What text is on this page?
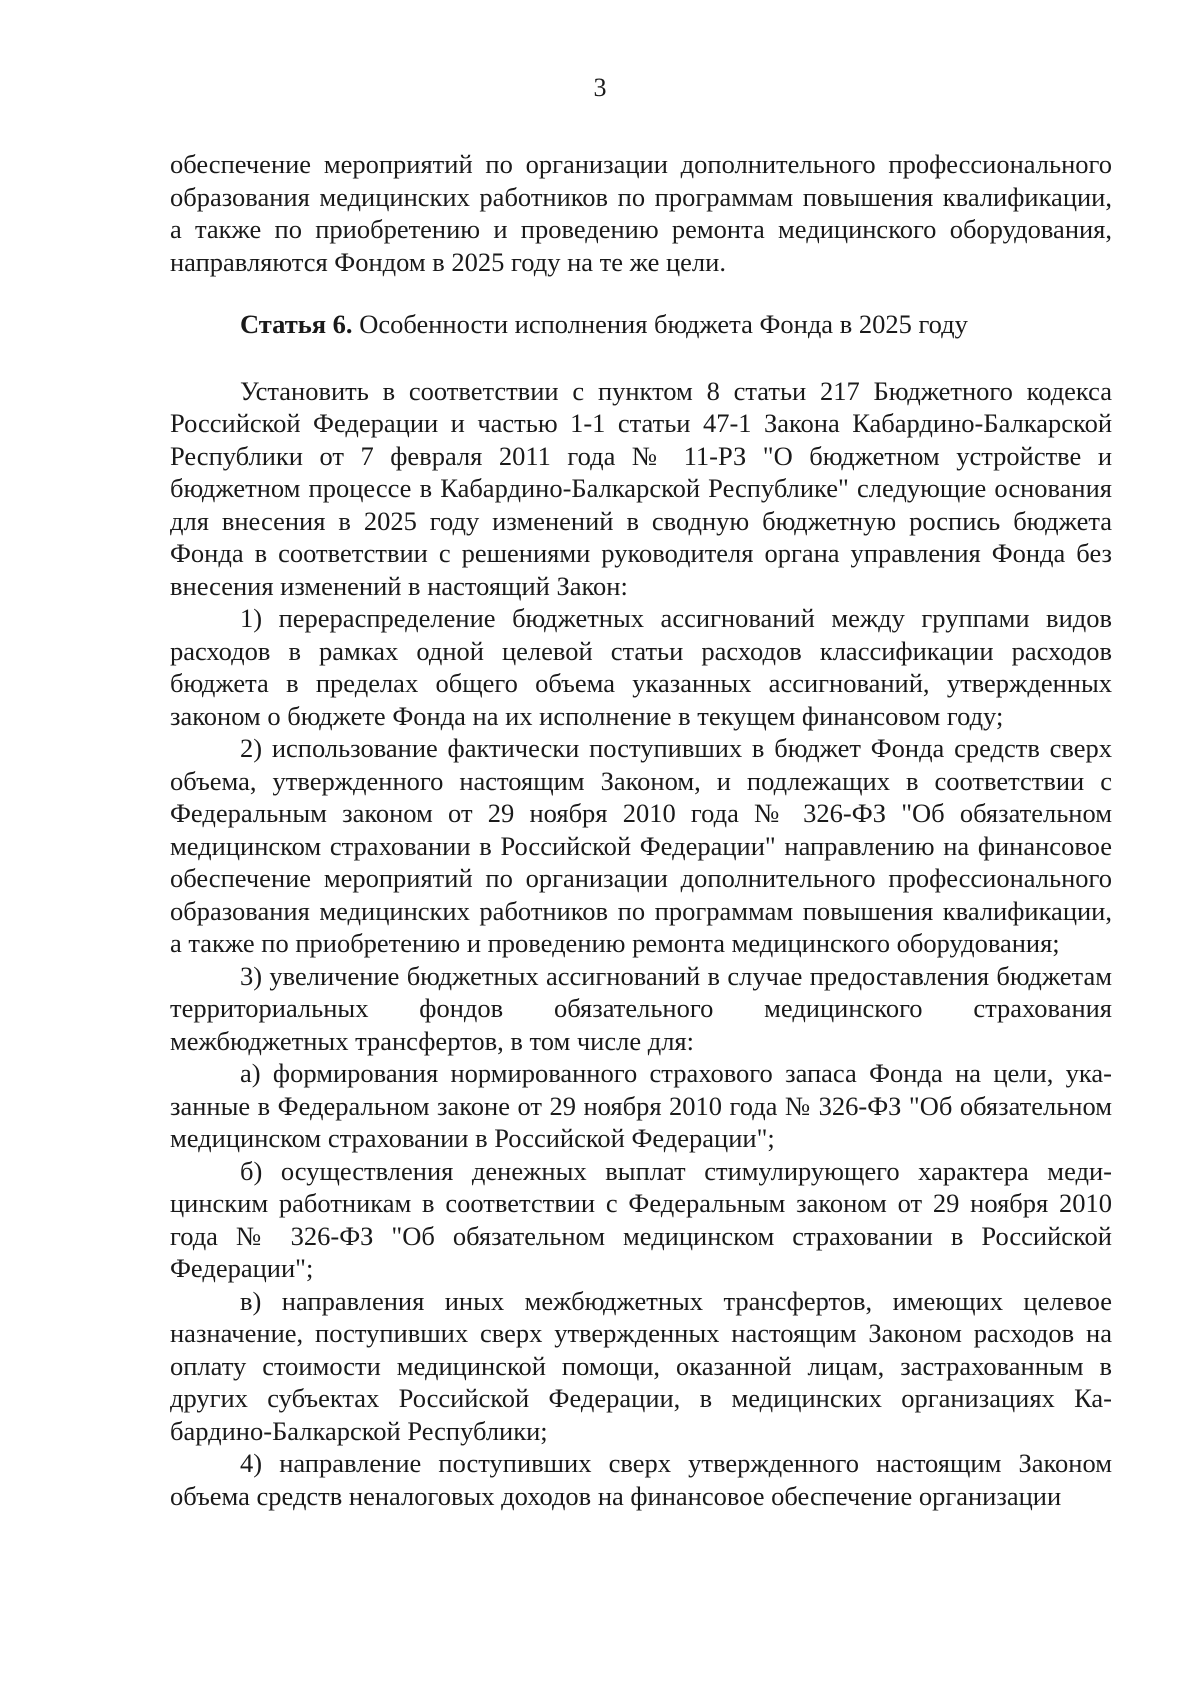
3

обеспечение мероприятий по организации дополнительного профессионального образования медицинских работников по программам повышения квалификации, а также по приобретению и проведению ремонта медицинского оборудования, направляются Фондом в 2025 году на те же цели.

Статья 6. Особенности исполнения бюджета Фонда в 2025 году

Установить в соответствии с пунктом 8 статьи 217 Бюджетного кодекса Российской Федерации и частью 1-1 статьи 47-1 Закона Кабардино-Балкарской Республики от 7 февраля 2011 года № 11-РЗ "О бюджетном устройстве и бюджетном процессе в Кабардино-Балкарской Республике" следующие основания для внесения в 2025 году изменений в сводную бюджетную роспись бюджета Фонда в соответствии с решениями руководителя органа управления Фонда без внесения изменений в настоящий Закон:

1) перераспределение бюджетных ассигнований между группами видов расходов в рамках одной целевой статьи расходов классификации расходов бюджета в пределах общего объема указанных ассигнований, утвержденных законом о бюджете Фонда на их исполнение в текущем финансовом году;

2) использование фактически поступивших в бюджет Фонда средств сверх объема, утвержденного настоящим Законом, и подлежащих в соответствии с Федеральным законом от 29 ноября 2010 года № 326-ФЗ "Об обязательном медицинском страховании в Российской Федерации" направлению на финансовое обеспечение мероприятий по организации дополнительного профессионального образования медицинских работников по программам повышения квалификации, а также по приобретению и проведению ремонта медицинского оборудования;

3) увеличение бюджетных ассигнований в случае предоставления бюджетам территориальных фондов обязательного медицинского страхования межбюджетных трансфертов, в том числе для:

а) формирования нормированного страхового запаса Фонда на цели, указанные в Федеральном законе от 29 ноября 2010 года № 326-ФЗ "Об обязательном медицинском страховании в Российской Федерации";

б) осуществления денежных выплат стимулирующего характера медицинским работникам в соответствии с Федеральным законом от 29 ноября 2010 года № 326-ФЗ "Об обязательном медицинском страховании в Российской Федерации";

в) направления иных межбюджетных трансфертов, имеющих целевое назначение, поступивших сверх утвержденных настоящим Законом расходов на оплату стоимости медицинской помощи, оказанной лицам, застрахованным в других субъектах Российской Федерации, в медицинских организациях Кабардино-Балкарской Республики;

4) направление поступивших сверх утвержденного настоящим Законом объема средств неналоговых доходов на финансовое обеспечение организации
